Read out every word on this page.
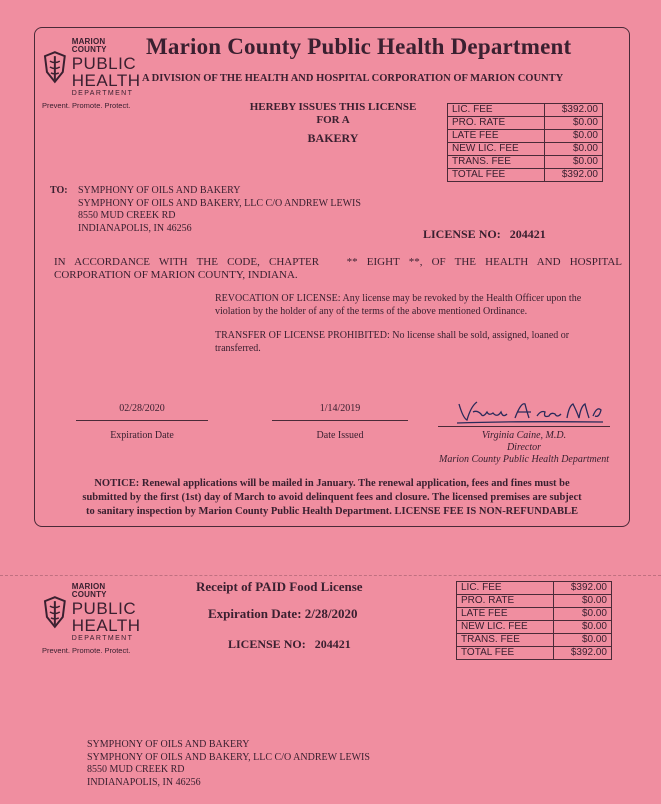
MARION COUNTY
PUBLIC
HEALTH
DEPARTMENT
Prevent. Promote. Protect.
Marion County Public Health Department
A DIVISION OF THE HEALTH AND HOSPITAL CORPORATION OF MARION COUNTY
HEREBY ISSUES THIS LICENSE
FOR A
BAKERY
LIC. FEE	$392.00
PRO. RATE	$0.00
LATE FEE	$0.00
NEW LIC. FEE	$0.00
TRANS. FEE	$0.00
TOTAL FEE	$392.00
TO: SYMPHONY OF OILS AND BAKERY
SYMPHONY OF OILS AND BAKERY, LLC C/O ANDREW LEWIS
8550 MUD CREEK RD
INDIANAPOLIS, IN 46256	LICENSE NO: 204421
IN ACCORDANCE WITH THE CODE, CHAPTER   ** EIGHT **, OF THE HEALTH AND HOSPITAL
CORPORATION OF MARION COUNTY, INDIANA.
REVOCATION OF LICENSE: Any license may be revoked by the Health Officer upon the
violation by the holder of any of the terms of the above mentioned Ordinance.
TRANSFER OF LICENSE PROHIBITED: No license shall be sold, assigned, loaned or
transferred.
02/28/2020
Expiration Date
1/14/2019
Date Issued	Virginia Caine, M.D.
Director
Marion County Public Health Department
NOTICE: Renewal applications will be mailed in January. The renewal application, fees and fines must be
submitted by the first (1st) day of March to avoid delinquent fees and closure. The licensed premises are subject
to sanitary inspection by Marion County Public Health Department. LICENSE FEE IS NON-REFUNDABLE
MARION COUNTY
PUBLIC
HEALTH
DEPARTMENT
Prevent. Promote. Protect.
Receipt of PAID Food License
Expiration Date: 2/28/2020
LICENSE NO: 204421
LIC. FEE	$392.00
PRO. RATE	$0.00
LATE FEE	$0.00
NEW LIC. FEE	$0.00
TRANS. FEE	$0.00
TOTAL FEE	$392.00
SYMPHONY OF OILS AND BAKERY
SYMPHONY OF OILS AND BAKERY, LLC C/O ANDREW LEWIS
8550 MUD CREEK RD
INDIANAPOLIS, IN 46256
